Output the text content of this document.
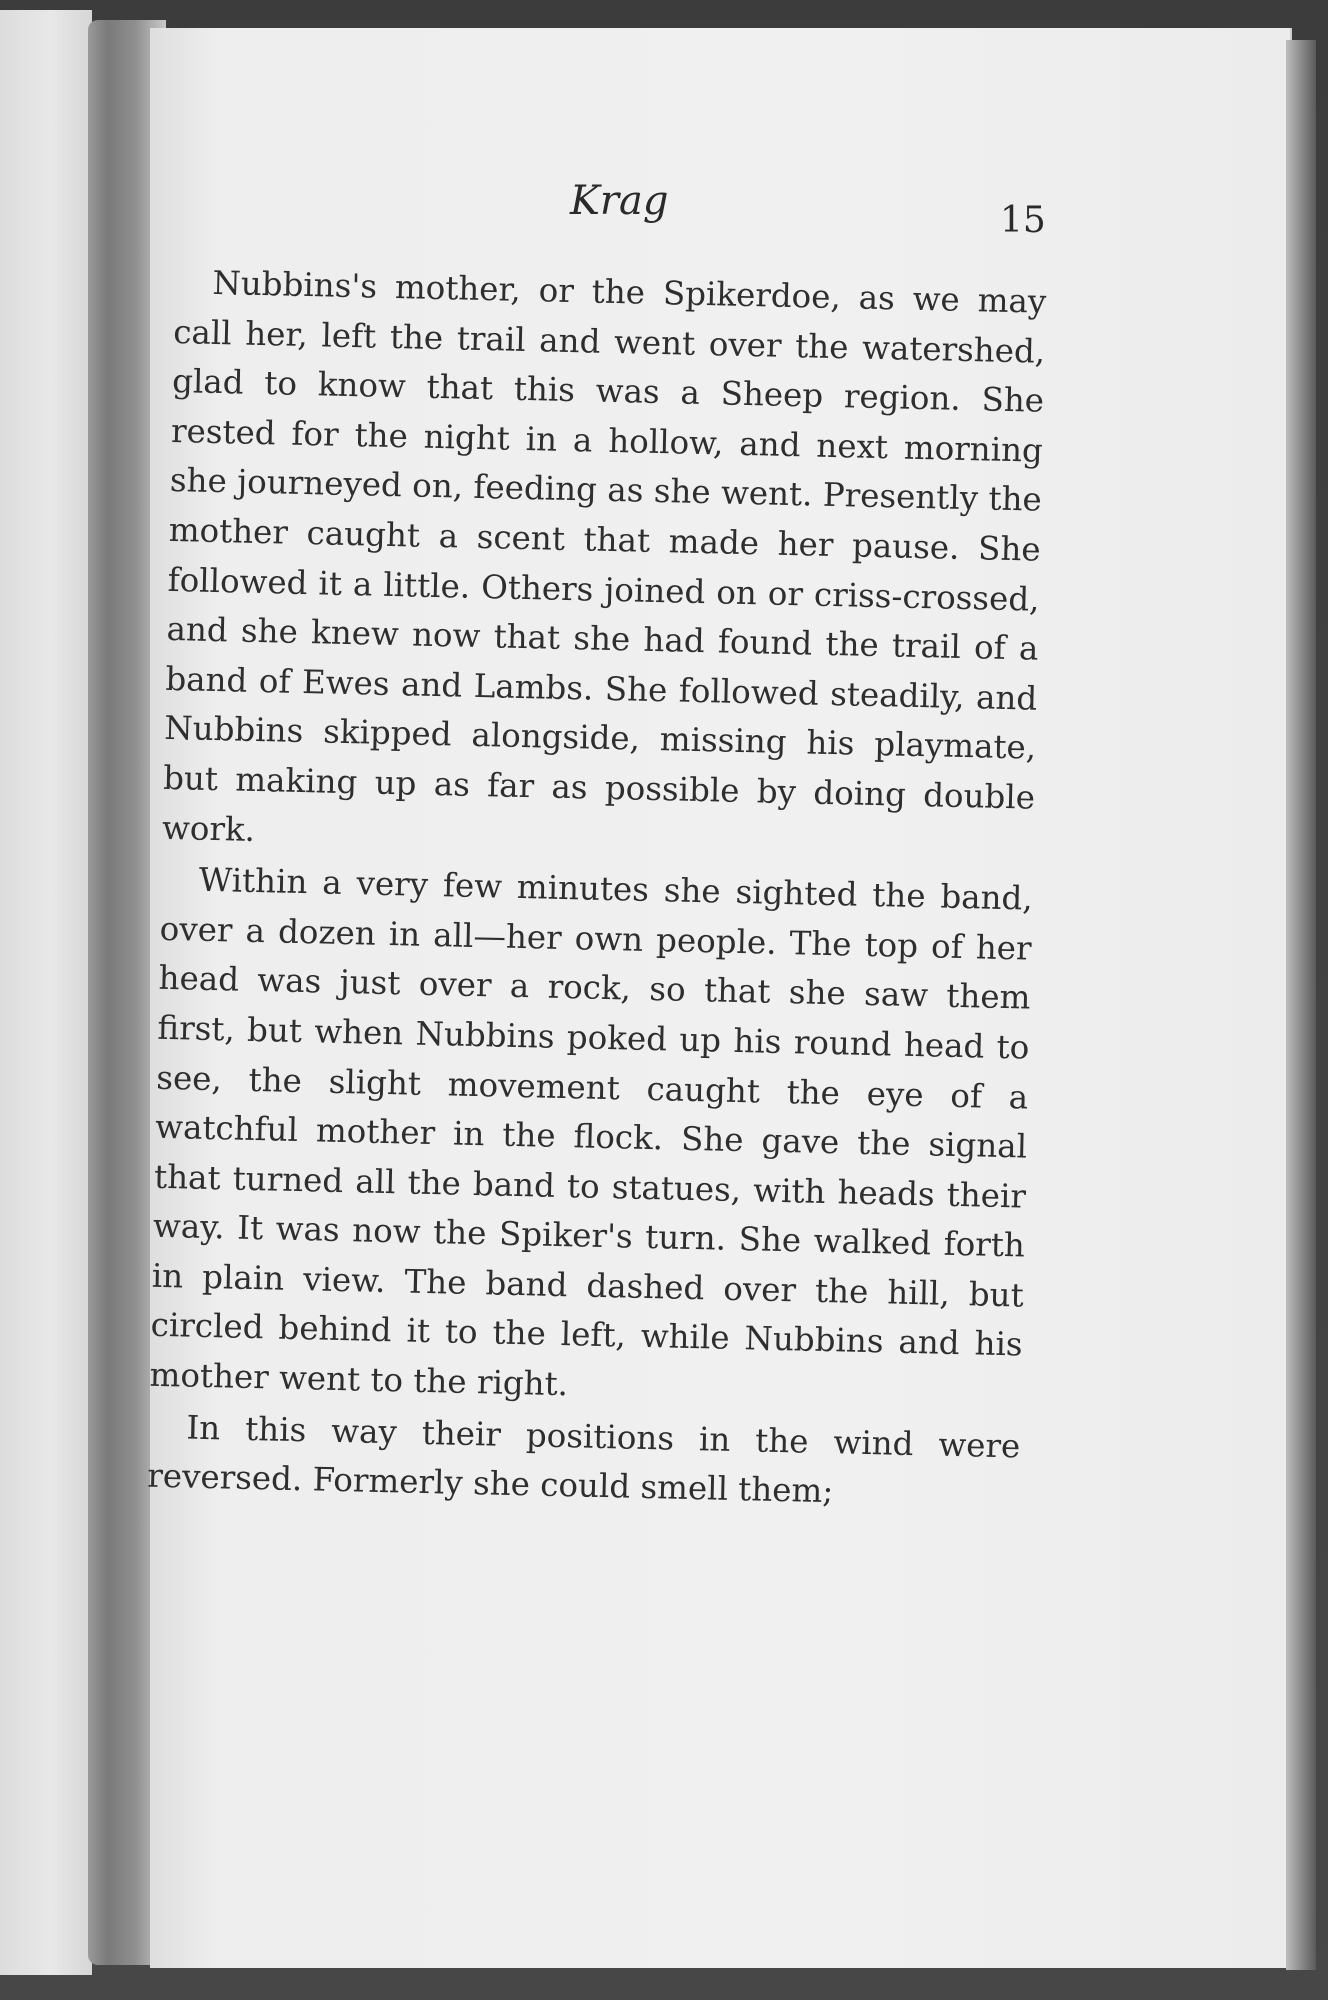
Krag	15

Nubbins's mother, or the Spikerdoe, as we may call her, left the trail and went over the watershed, glad to know that this was a Sheep region. She rested for the night in a hollow, and next morning she journeyed on, feeding as she went. Presently the mother caught a scent that made her pause. She followed it a little. Others joined on or criss-crossed, and she knew now that she had found the trail of a band of Ewes and Lambs. She followed steadily, and Nubbins skipped alongside, missing his playmate, but making up as far as possible by doing double work.

Within a very few minutes she sighted the band, over a dozen in all—her own people. The top of her head was just over a rock, so that she saw them first, but when Nubbins poked up his round head to see, the slight movement caught the eye of a watchful mother in the flock. She gave the signal that turned all the band to statues, with heads their way. It was now the Spiker's turn. She walked forth in plain view. The band dashed over the hill, but circled behind it to the left, while Nubbins and his mother went to the right.

In this way their positions in the wind were reversed. Formerly she could smell them;
